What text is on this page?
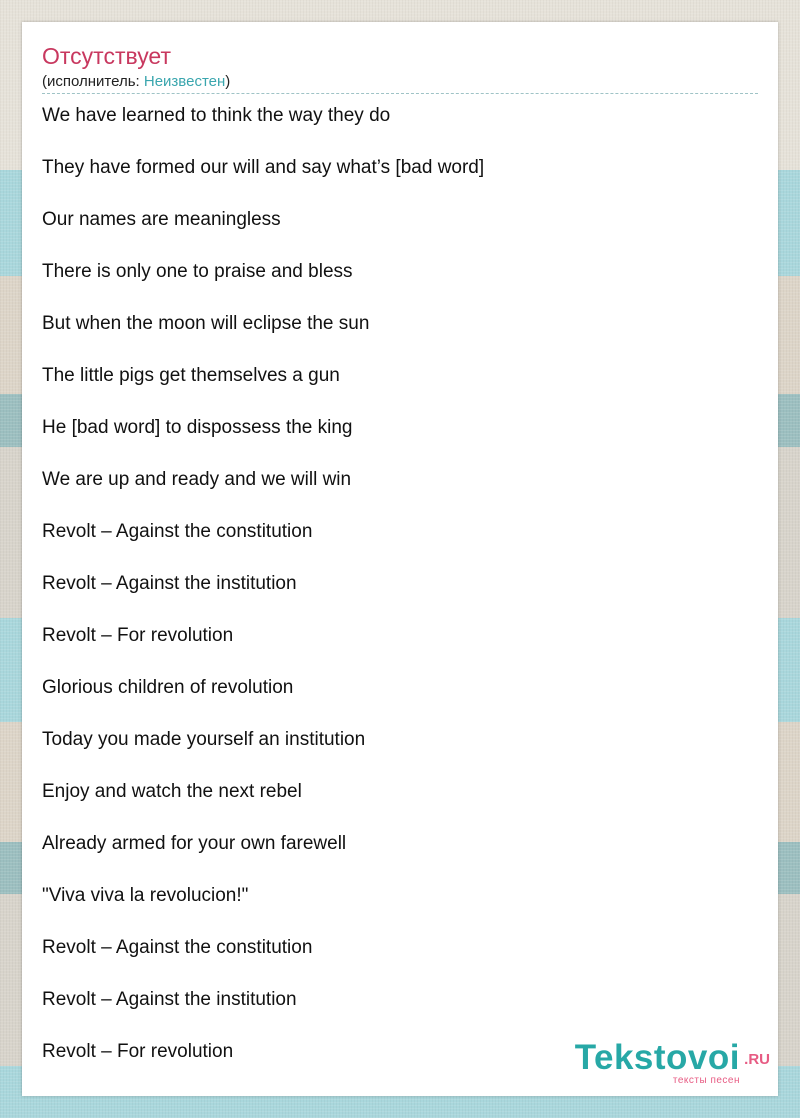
Отсутствует
(исполнитель: Неизвестен)
We have learned to think the way they do
They have formed our will and say what’s [bad word]
Our names are meaningless
There is only one to praise and bless
But when the moon will eclipse the sun
The little pigs get themselves a gun
He [bad word] to dispossess the king
We are up and ready and we will win
Revolt – Against the constitution
Revolt – Against the institution
Revolt – For revolution
Glorious children of revolution
Today you made yourself an institution
Enjoy and watch the next rebel
Already armed for your own farewell
"Viva viva la revolucion!"
Revolt – Against the constitution
Revolt – Against the institution
Revolt – For revolution	Tekstovoi .RU
тексты песен
